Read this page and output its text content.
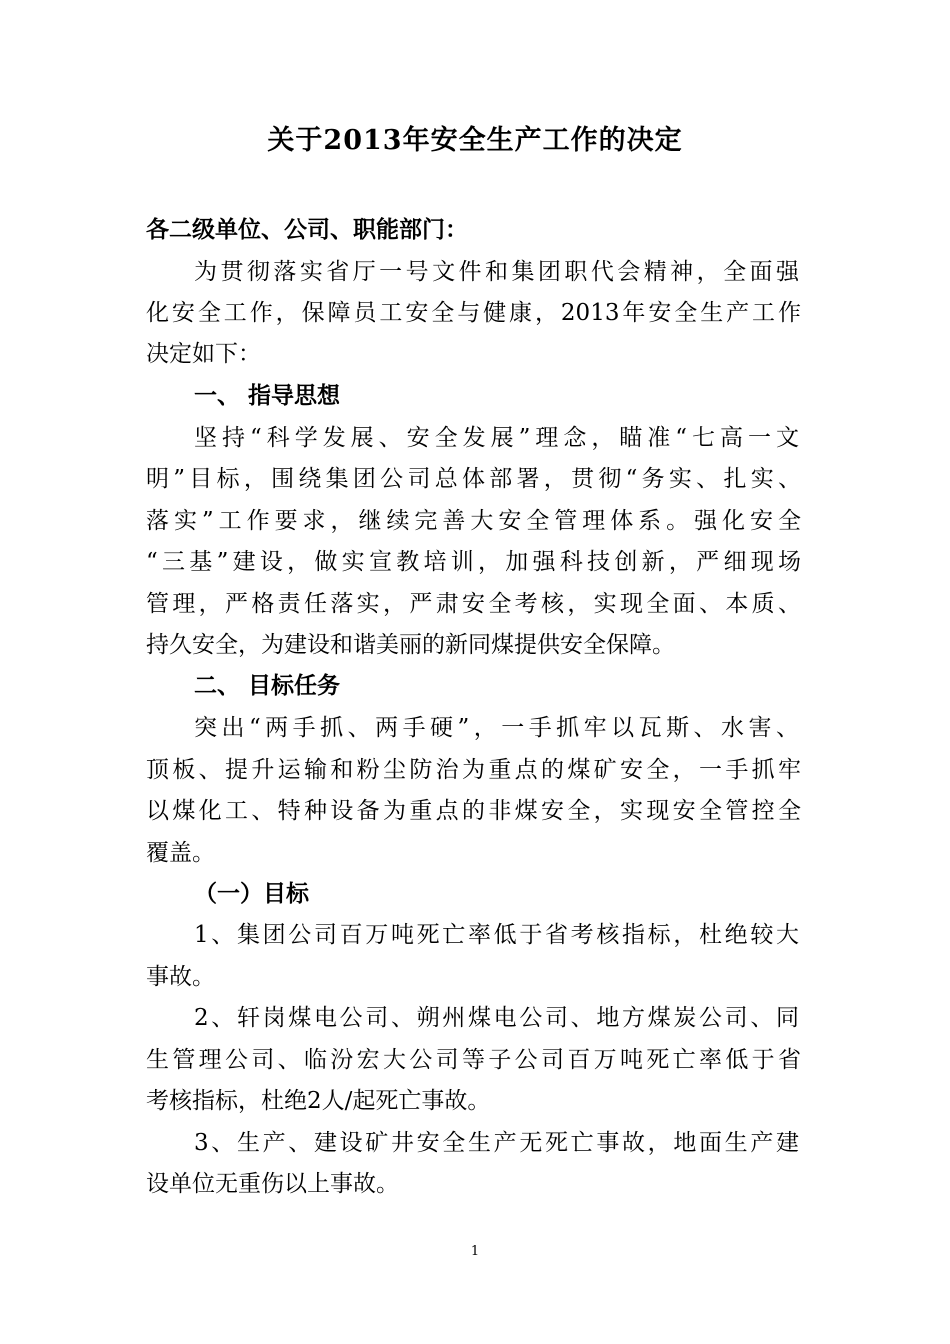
关于2013年安全生产工作的决定

各二级单位、公司、职能部门：

为贯彻落实省厅一号文件和集团职代会精神，全面强

化安全工作，保障员工安全与健康，2013年安全生产工作

决定如下：

一、 指导思想

坚持“科学发展、安全发展”理念，瞄准“七高一文

明”目标，围绕集团公司总体部署，贯彻“务实、扎实、

落实”工作要求，继续完善大安全管理体系。强化安全

“三基”建设，做实宣教培训，加强科技创新，严细现场

管理，严格责任落实，严肃安全考核，实现全面、本质、

持久安全，为建设和谐美丽的新同煤提供安全保障。

二、 目标任务

突出“两手抓、两手硬”，一手抓牢以瓦斯、水害、

顶板、提升运输和粉尘防治为重点的煤矿安全，一手抓牢

以煤化工、特种设备为重点的非煤安全，实现安全管控全

覆盖。

（一）目标

1、集团公司百万吨死亡率低于省考核指标，杜绝较大

事故。

2、轩岗煤电公司、朔州煤电公司、地方煤炭公司、同

生管理公司、临汾宏大公司等子公司百万吨死亡率低于省

考核指标，杜绝2人/起死亡事故。

3、生产、建设矿井安全生产无死亡事故，地面生产建

设单位无重伤以上事故。

1
